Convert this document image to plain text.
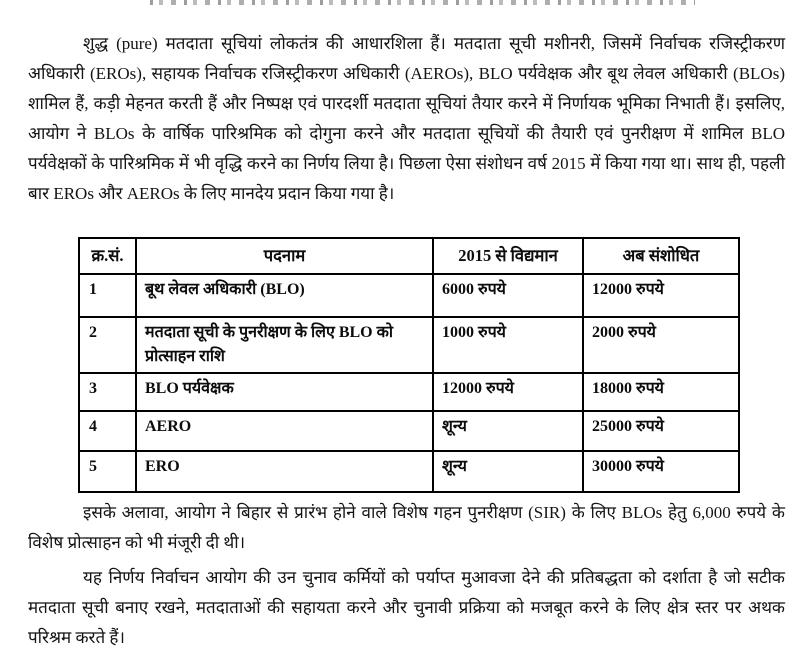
शुद्ध (pure) मतदाता सूचियां लोकतंत्र की आधारशिला हैं। मतदाता सूची मशीनरी, जिसमें निर्वाचक रजिस्ट्रीकरण अधिकारी (EROs), सहायक निर्वाचक रजिस्ट्रीकरण अधिकारी (AEROs), BLO पर्यवेक्षक और बूथ लेवल अधिकारी (BLOs) शामिल हैं, कड़ी मेहनत करती हैं और निष्पक्ष एवं पारदर्शी मतदाता सूचियां तैयार करने में निर्णायक भूमिका निभाती हैं। इसलिए, आयोग ने BLOs के वार्षिक पारिश्रमिक को दोगुना करने और मतदाता सूचियों की तैयारी एवं पुनरीक्षण में शामिल BLO पर्यवेक्षकों के पारिश्रमिक में भी वृद्धि करने का निर्णय लिया है। पिछला ऐसा संशोधन वर्ष 2015 में किया गया था। साथ ही, पहली बार EROs और AEROs के लिए मानदेय प्रदान किया गया है।

क्र.सं.	पदनाम	2015 से विद्यमान	अब संशोधित
1	बूथ लेवल अधिकारी (BLO)	6000 रुपये	12000 रुपये
2	मतदाता सूची के पुनरीक्षण के लिए BLO को प्रोत्साहन राशि	1000 रुपये	2000 रुपये
3	BLO पर्यवेक्षक	12000 रुपये	18000 रुपये
4	AERO	शून्य	25000 रुपये
5	ERO	शून्य	30000 रुपये

इसके अलावा, आयोग ने बिहार से प्रारंभ होने वाले विशेष गहन पुनरीक्षण (SIR) के लिए BLOs हेतु 6,000 रुपये के विशेष प्रोत्साहन को भी मंजूरी दी थी।

यह निर्णय निर्वाचन आयोग की उन चुनाव कर्मियों को पर्याप्त मुआवजा देने की प्रतिबद्धता को दर्शाता है जो सटीक मतदाता सूची बनाए रखने, मतदाताओं की सहायता करने और चुनावी प्रक्रिया को मजबूत करने के लिए क्षेत्र स्तर पर अथक परिश्रम करते हैं।
